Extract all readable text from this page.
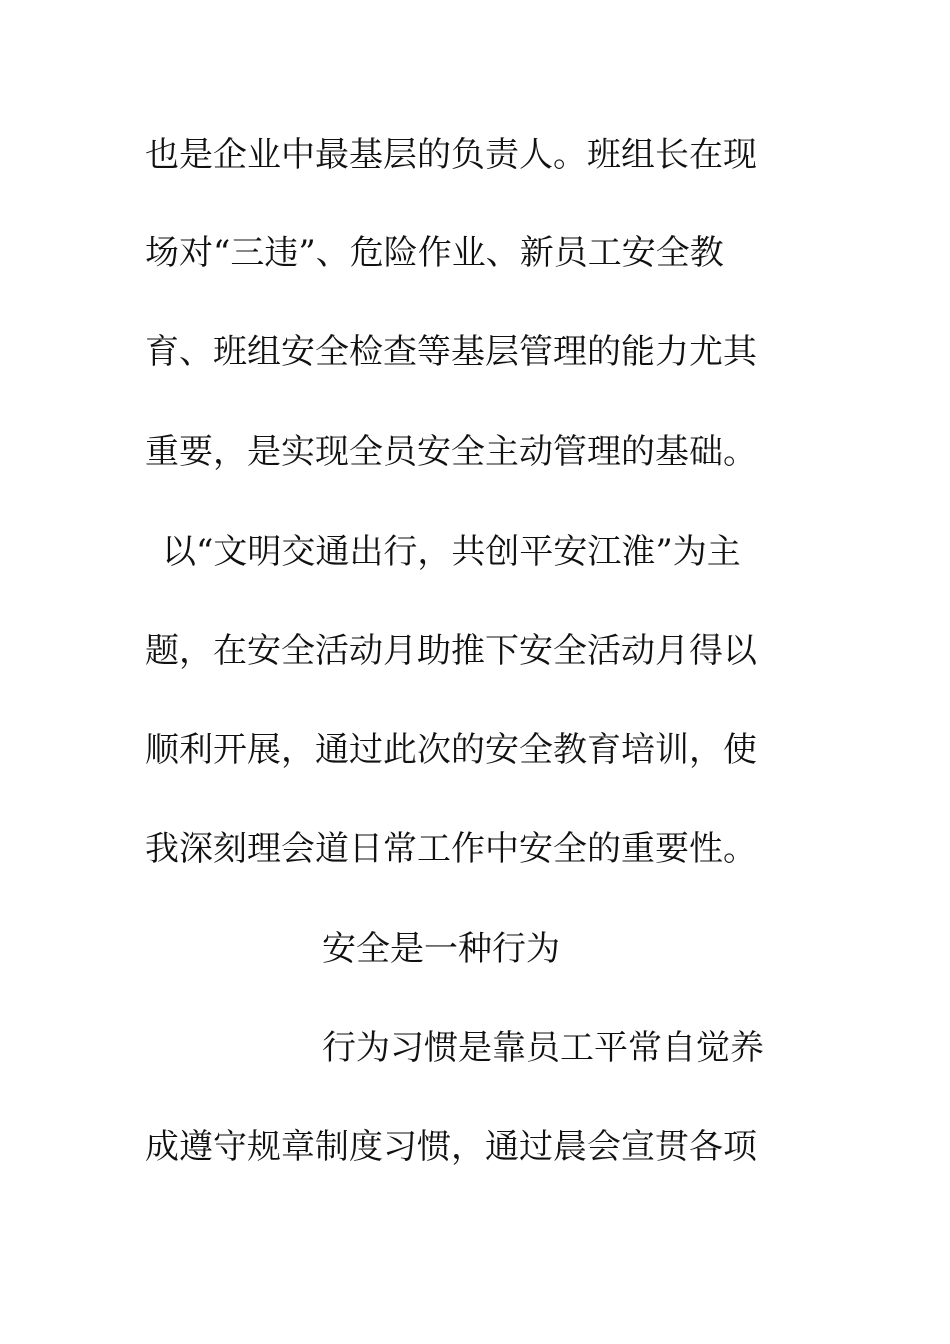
也是企业中最基层的负责人。班组长在现
场对“三违”、危险作业、新员工安全教
育、班组安全检查等基层管理的能力尤其
重要，是实现全员安全主动管理的基础。
以“文明交通出行，共创平安江淮”为主
题，在安全活动月助推下安全活动月得以
顺利开展，通过此次的安全教育培训，使
我深刻理会道日常工作中安全的重要性。
安全是一种行为
行为习惯是靠员工平常自觉养
成遵守规章制度习惯，通过晨会宣贯各项
